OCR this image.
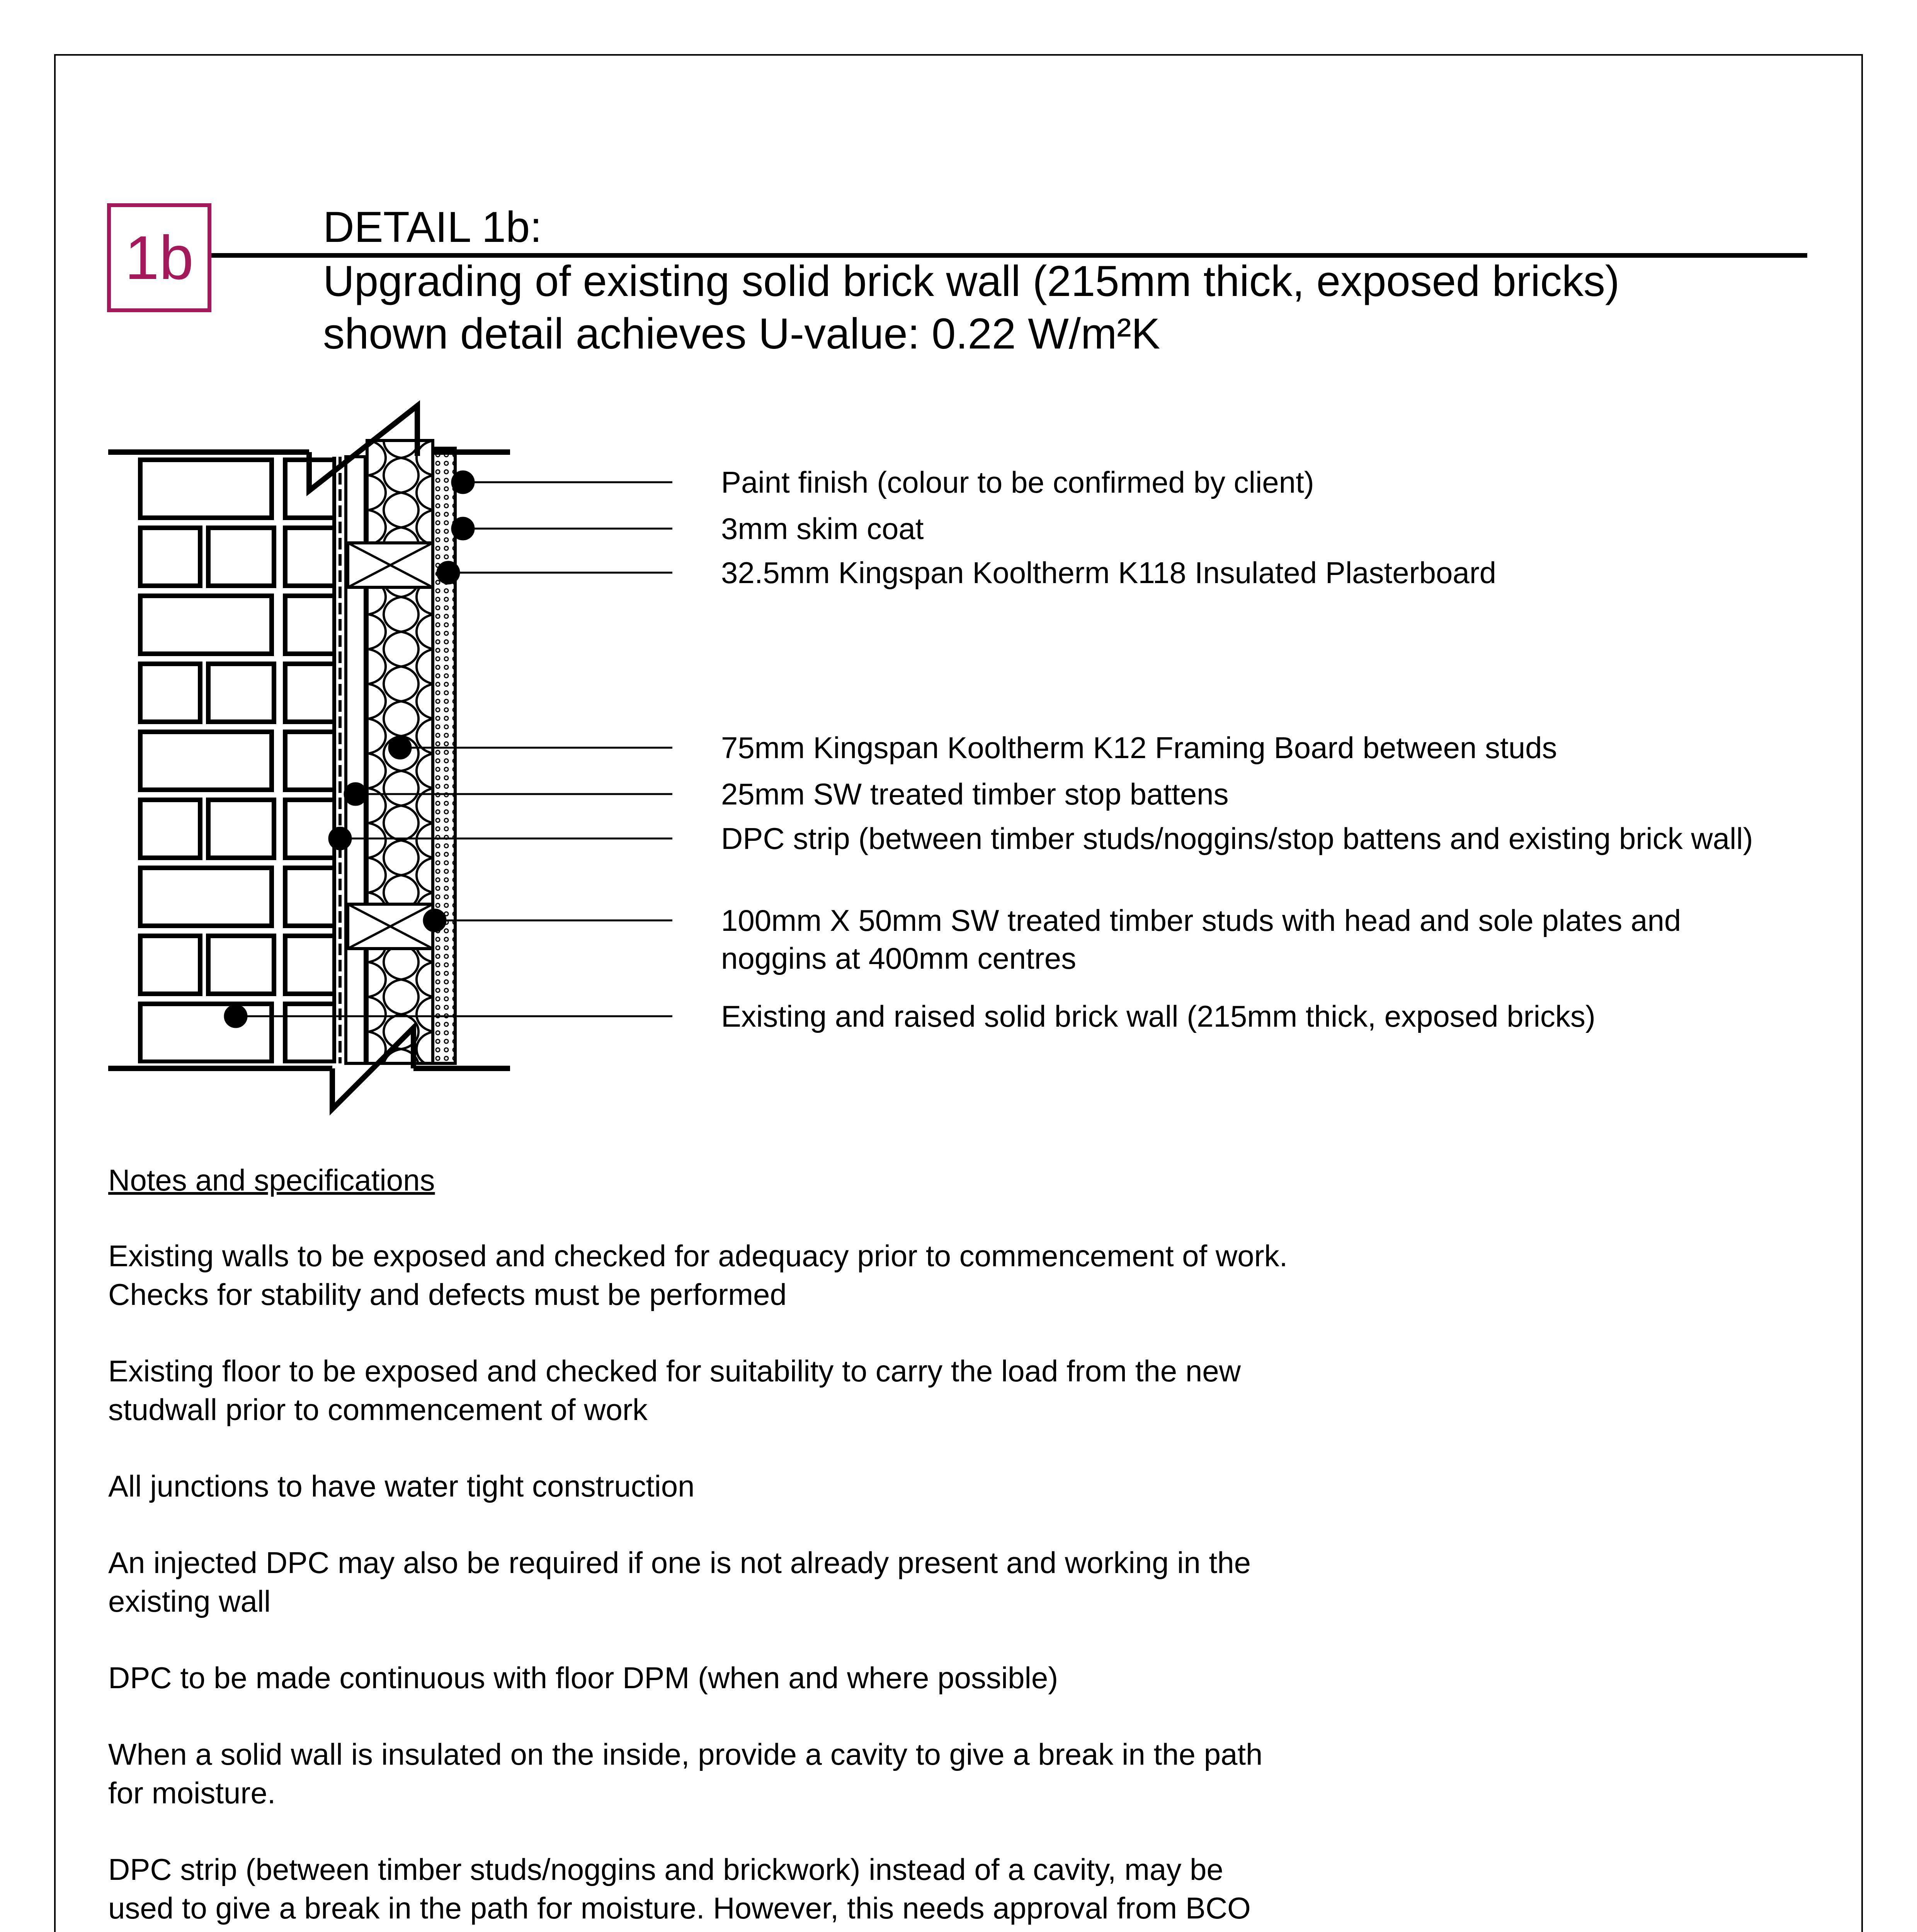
1b	DETAIL 1b:
Upgrading of existing solid brick wall (215mm thick, exposed bricks)
shown detail achieves U-value: 0.22 W/m²K
Paint finish (colour to be confirmed by client)
3mm skim coat
32.5mm Kingspan Kooltherm K118 Insulated Plasterboard
75mm Kingspan Kooltherm K12 Framing Board between studs
25mm SW treated timber stop battens
DPC strip (between timber studs/noggins/stop battens and existing brick wall)
100mm X 50mm SW treated timber studs with head and sole plates and
noggins at 400mm centres
Existing and raised solid brick wall (215mm thick, exposed bricks)
Notes and specifications
Existing walls to be exposed and checked for adequacy prior to commencement of work.
Checks for stability and defects must be performed
Existing floor to be exposed and checked for suitability to carry the load from the new
studwall prior to commencement of work
All junctions to have water tight construction
An injected DPC may also be required if one is not already present and working in the
existing wall
DPC to be made continuous with floor DPM (when and where possible)
When a solid wall is insulated on the inside, provide a cavity to give a break in the path
for moisture.
DPC strip (between timber studs/noggins and brickwork) instead of a cavity, may be
used to give a break in the path for moisture. However, this needs approval from BCO
